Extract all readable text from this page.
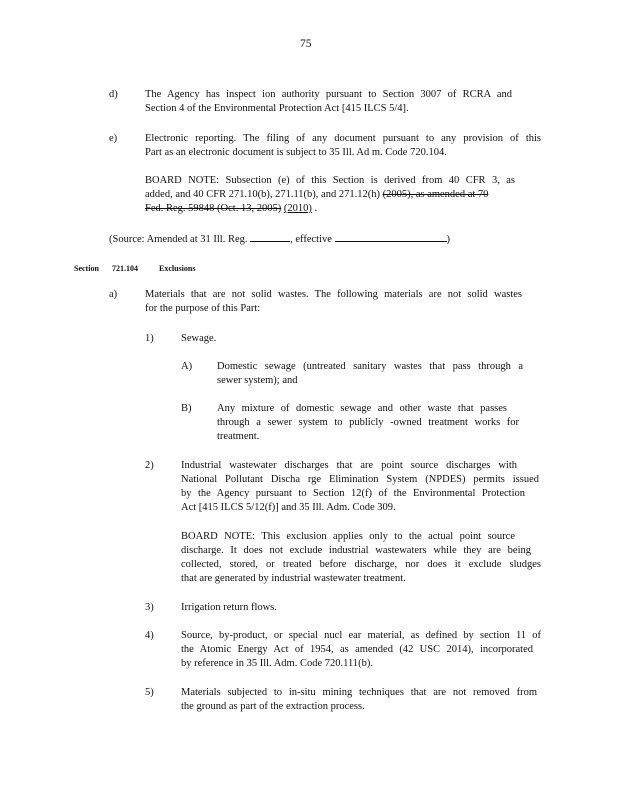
75
d)	The Agency has inspect ion authority pursuant to Section 3007 of RCRA and
Section 4 of the Environmental Protection Act [415 ILCS 5/4].
e)	Electronic reporting. The filing of any document pursuant to any provision of this
Part as an electronic document is subject to 35 Ill. Ad m. Code 720.104.
BOARD NOTE: Subsection (e) of this Section is derived from 40 CFR 3, as
added, and 40 CFR 271.10(b), 271.11(b), and 271.12(h) (2005), as amended at 70
Fed. Reg. 59848 (Oct. 13, 2005) (2010) .
(Source: Amended at 31 Ill. Reg.	, effective	)
Section 721.104	Exclusions
a)	Materials that are not solid wastes. The following materials are not solid wastes
for the purpose of this Part:
1)	Sewage.
A) Domestic sewage (untreated sanitary wastes that pass through a
sewer system); and
B) Any mixture of domestic sewage and other waste that passes
through a sewer system to publicly -owned treatment works for
treatment.
2)	Industrial wastewater discharges that are point source discharges with
National Pollutant Discha rge Elimination System (NPDES) permits issued
by the Agency pursuant to Section 12(f) of the Environmental Protection
Act [415 ILCS 5/12(f)] and 35 Ill. Adm. Code 309.
BOARD NOTE: This exclusion applies only to the actual point source
discharge. It does not exclude industrial wastewaters while they are being
collected, stored, or treated before discharge, nor does it exclude sludges
that are generated by industrial wastewater treatment.
3)	Irrigation return flows.
4)	Source, by-product, or special nucl ear material, as defined by section 11 of
the Atomic Energy Act of 1954, as amended (42 USC 2014), incorporated
by reference in 35 Ill. Adm. Code 720.111(b).
5)	Materials subjected to in-situ mining techniques that are not removed from
the ground as part of the extraction process.
